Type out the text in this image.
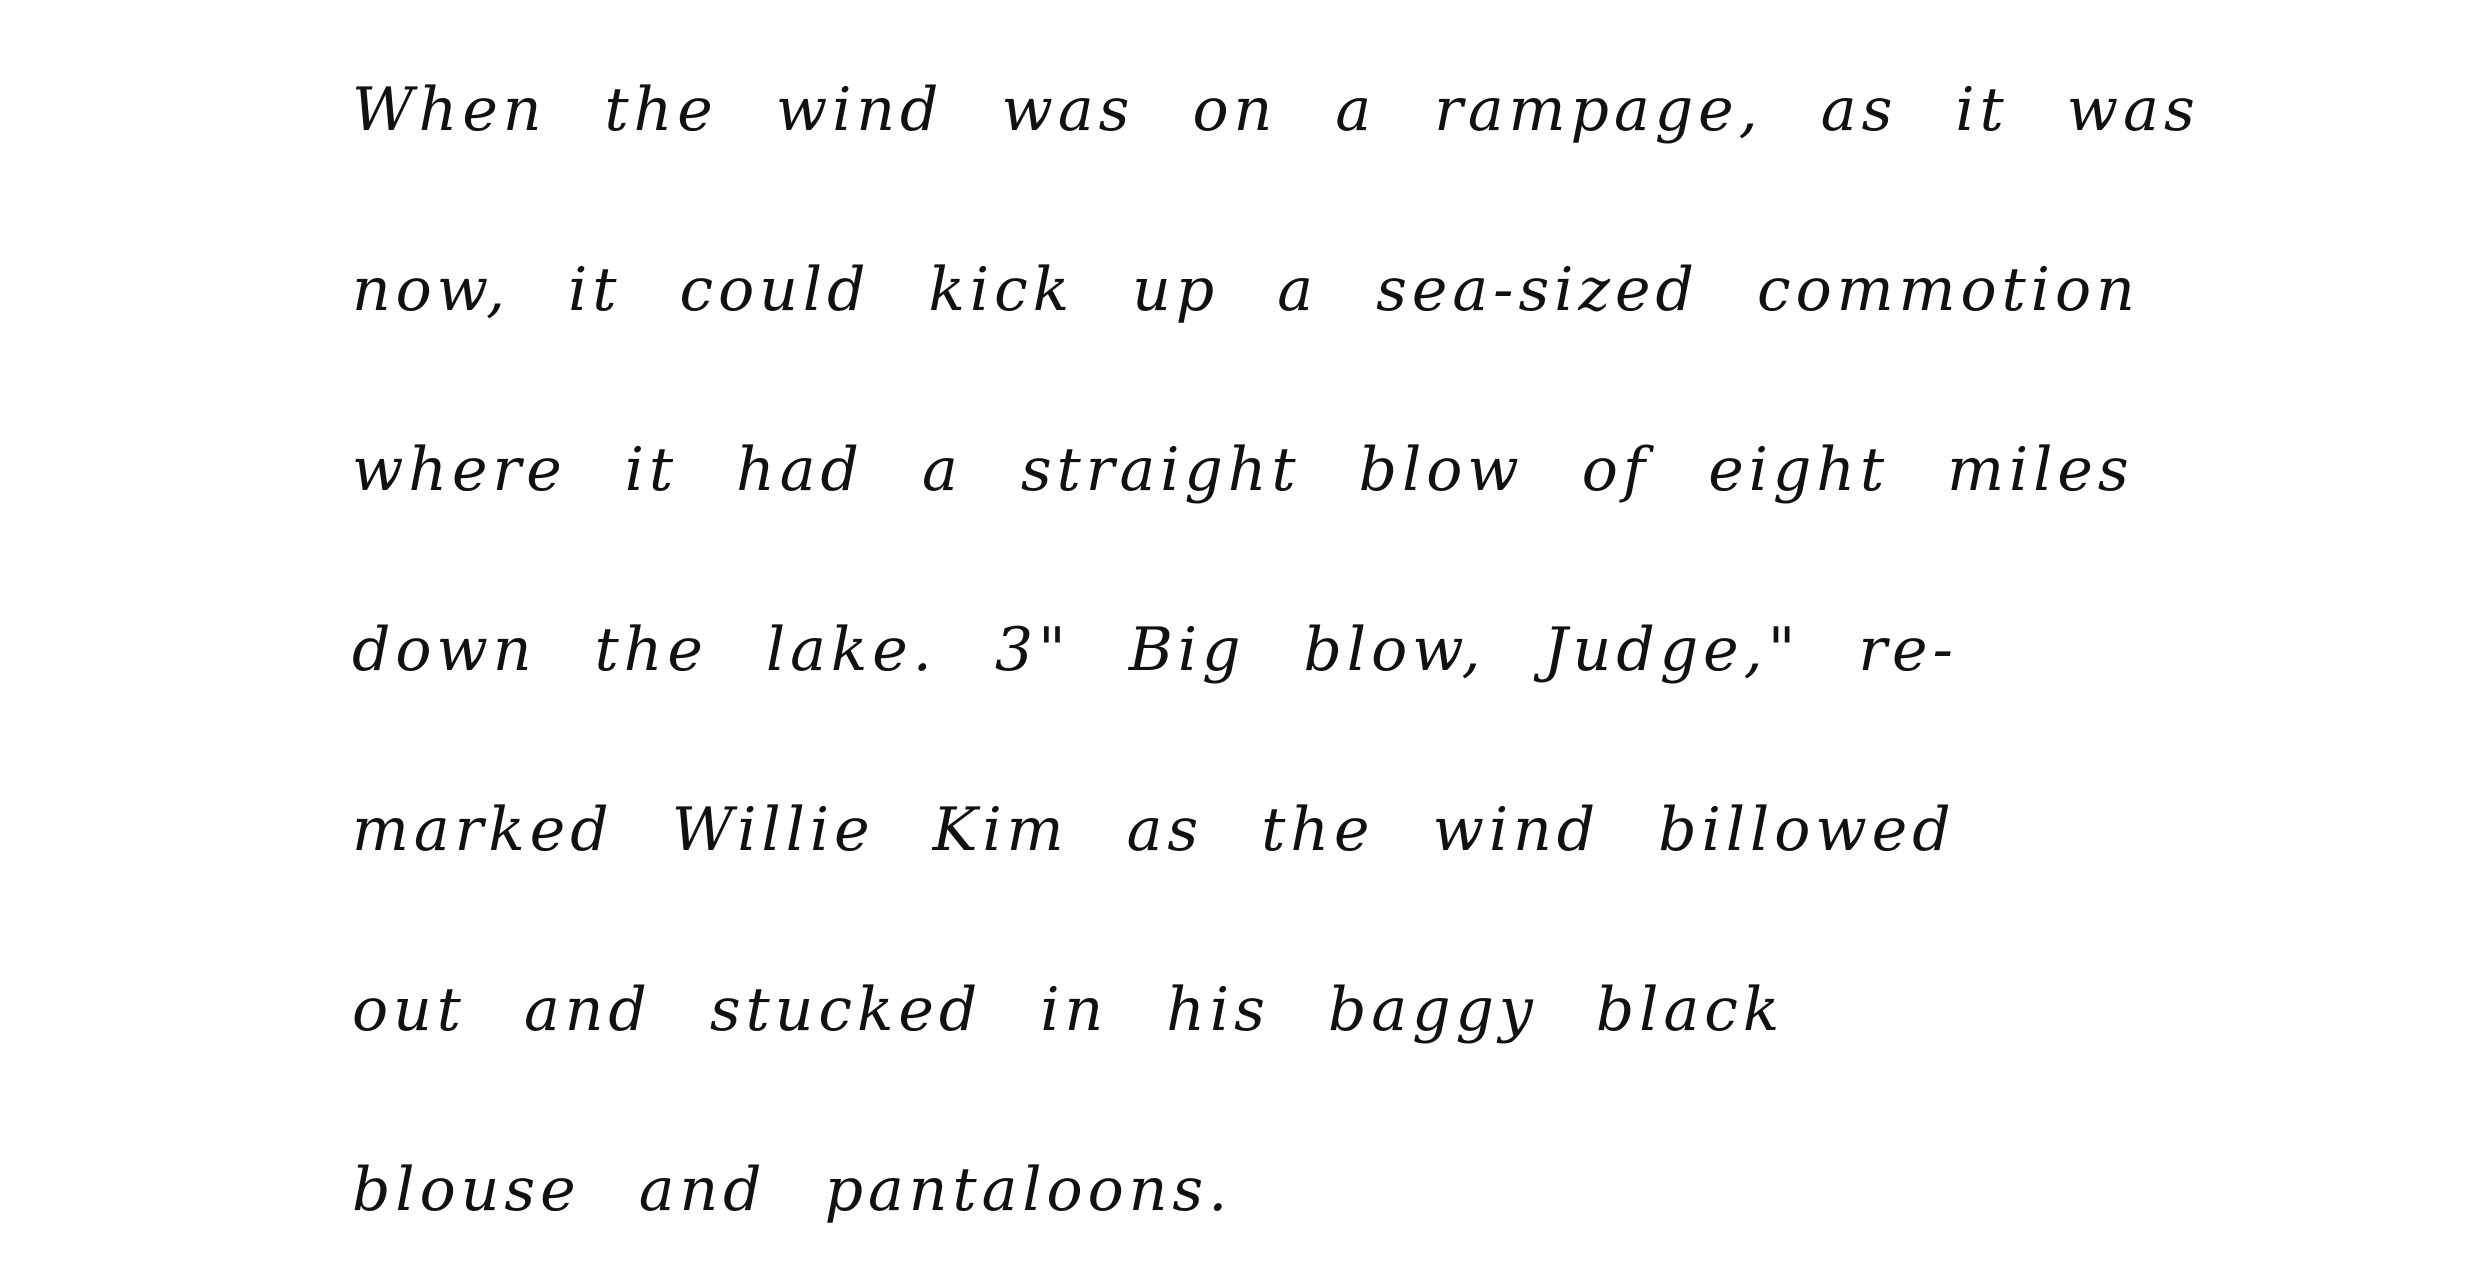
When the wind was on a rampage, as it was
now, it could kick up a sea-sized commotion
where it had a straight blow of eight miles
down the lake. 3" Big blow, Judge," re-
marked Willie Kim as the wind billowed
out and stucked in his baggy black
blouse and pantaloons.
